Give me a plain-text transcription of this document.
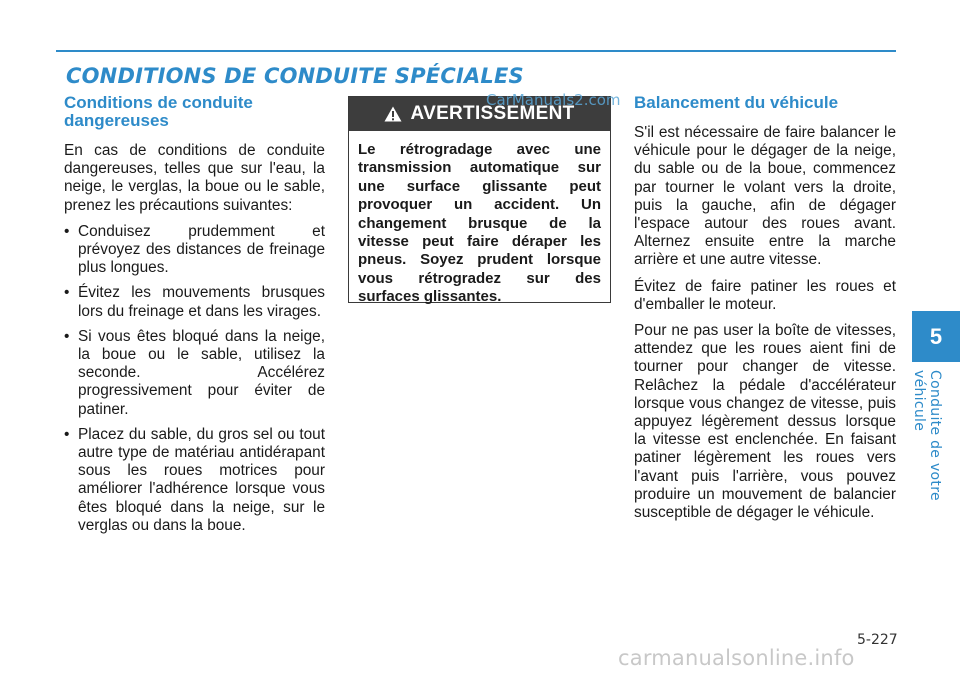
CONDITIONS DE CONDUITE SPÉCIALES
Conditions de conduite dangereuses
En cas de conditions de conduite dangereuses, telles que sur l'eau, la neige, le verglas, la boue ou le sable, prenez les précautions suivantes:
• Conduisez prudemment et prévoyez des distances de freinage plus longues.
• Évitez les mouvements brusques lors du freinage et dans les virages.
• Si vous êtes bloqué dans la neige, la boue ou le sable, utilisez la seconde. Accélérez progressivement pour éviter de patiner.
• Placez du sable, du gros sel ou tout autre type de matériau antidérapant sous les roues motrices pour améliorer l'adhérence lorsque vous êtes bloqué dans la neige, sur le verglas ou dans la boue.
AVERTISSEMENT
Le rétrogradage avec une transmission automatique sur une surface glissante peut provoquer un accident. Un changement brusque de la vitesse peut faire déraper les pneus. Soyez prudent lorsque vous rétrogradez sur des surfaces glissantes.
CarManuals2.com Balancement du véhicule
S'il est nécessaire de faire balancer le véhicule pour le dégager de la neige, du sable ou de la boue, commencez par tourner le volant vers la droite, puis la gauche, afin de dégager l'espace autour des roues avant. Alternez ensuite entre la marche arrière et une autre vitesse.
Évitez de faire patiner les roues et d'emballer le moteur.
Pour ne pas user la boîte de vitesses, attendez que les roues aient fini de tourner pour changer de vitesse. Relâchez la pédale d'accélérateur lorsque vous changez de vitesse, puis appuyez légèrement dessus lorsque la vitesse est enclenchée. En faisant patiner légèrement les roues vers l'avant puis l'arrière, vous pouvez produire un mouvement de balancier susceptible de dégager le véhicule.
5
Conduite de votre véhicule
5-227
carmanualsonline.info
